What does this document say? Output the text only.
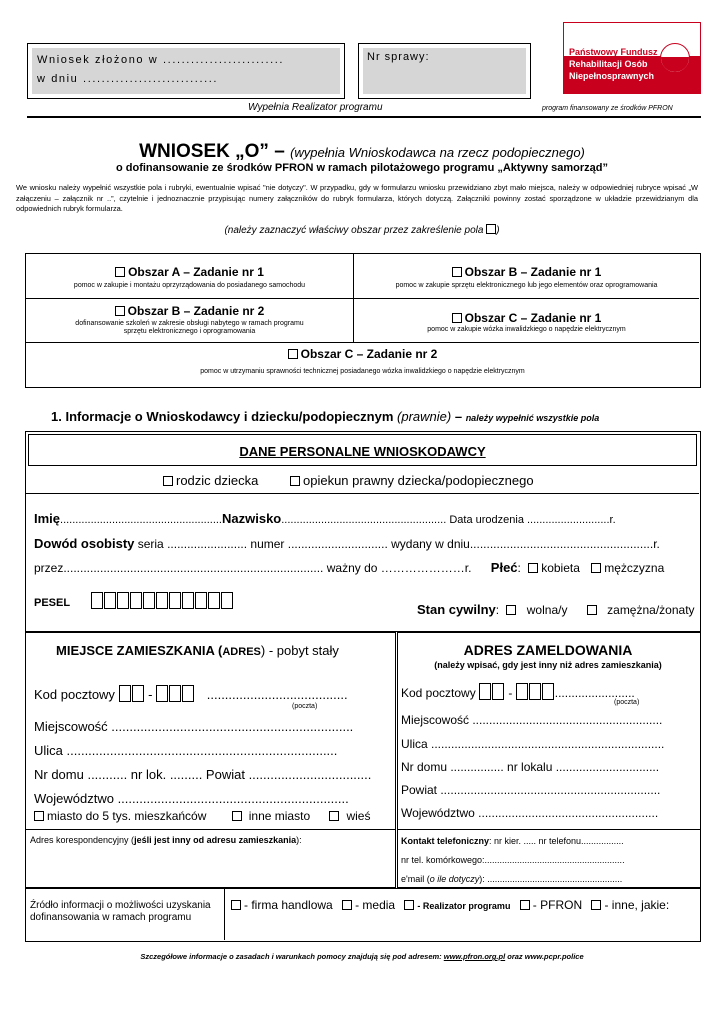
Wniosek złożono w ..........................
w dniu .............................
Nr sprawy:	Państwowy Fundusz
Rehabilitacji Osób
Niepełnosprawnych
Wypełnia Realizator programu	program finansowany ze środków PFRON
WNIOSEK „O” – (wypełnia Wnioskodawca na rzecz podopiecznego)
o dofinansowanie ze środków PFRON w ramach pilotażowego programu „Aktywny samorząd”
We wniosku należy wypełnić wszystkie pola i rubryki, ewentualnie wpisać "nie dotyczy". W przypadku, gdy w formularzu wniosku przewidziano zbyt mało miejsca, należy w odpowiedniej rubryce wpisać „W załączeniu – załącznik nr ..”, czytelnie i jednoznacznie przypisując numery załączników do rubryk formularza, których dotyczą. Załączniki powinny zostać sporządzone w układzie przewidzianym dla odpowiednich rubryk formularza.
(należy zaznaczyć właściwy obszar przez zakreślenie pola )
Obszar A – Zadanie nr 1
pomoc w zakupie i montażu oprzyrządowania do posiadanego samochodu
Obszar B – Zadanie nr 1
pomoc w zakupie sprzętu elektronicznego lub jego elementów oraz oprogramowania
Obszar B – Zadanie nr 2
dofinansowanie szkoleń w zakresie obsługi nabytego w ramach programu sprzętu elektronicznego i oprogramowania
Obszar C – Zadanie nr 1
pomoc w zakupie wózka inwalidzkiego o napędzie elektrycznym
Obszar C – Zadanie nr 2
pomoc w utrzymaniu sprawności technicznej posiadanego wózka inwalidzkiego o napędzie elektrycznym
1. Informacje o Wnioskodawcy i dziecku/podopiecznym (prawnie) – należy wypełnić wszystkie pola
DANE PERSONALNE WNIOSKODAWCY
rodzic dziecka	opiekun prawny dziecka/podopiecznego
Imię.....................................................Nazwisko...................................................... Data urodzenia ...........................r.
Dowód osobisty seria ........................ numer .............................. wydany w dniu.......................................................r.
przez.............................................................................. ważny do …………………r. Płeć: kobieta mężczyzna
PESEL	Stan cywilny:  wolna/y	zamężna/żonaty
MIEJSCE ZAMIESZKANIA (ADRES) - pobyt stały
Kod pocztowy  -	.......................................
(poczta)
Miejscowość ...................................................................
Ulica ...........................................................................
Nr domu ........... nr lok. ......... Powiat ..................................
Województwo ................................................................
miasto do 5 tys. mieszkańców	inne miasto	wieś
ADRES ZAMELDOWANIA
(należy wpisać, gdy jest inny niż adres zamieszkania)
Kod pocztowy  -	........................
(poczta)
Miejscowość .........................................................
Ulica ......................................................................
Nr domu ................ nr lokalu ...............................
Powiat ..................................................................
Województwo ......................................................
Adres korespondencyjny (jeśli jest inny od adresu zamieszkania):	Kontakt telefoniczny: nr kier. ..... nr telefonu.................
nr tel. komórkowego:........................................................
e'mail (o ile dotyczy): ......................................................
Źródło informacji o możliwości uzyskania dofinansowania w ramach programu
- firma handlowa - media - Realizator programu - PFRON - inne, jakie:
Szczegółowe informacje o zasadach i warunkach pomocy znajdują się pod adresem: www.pfron.org.pl oraz www.pcpr.police
